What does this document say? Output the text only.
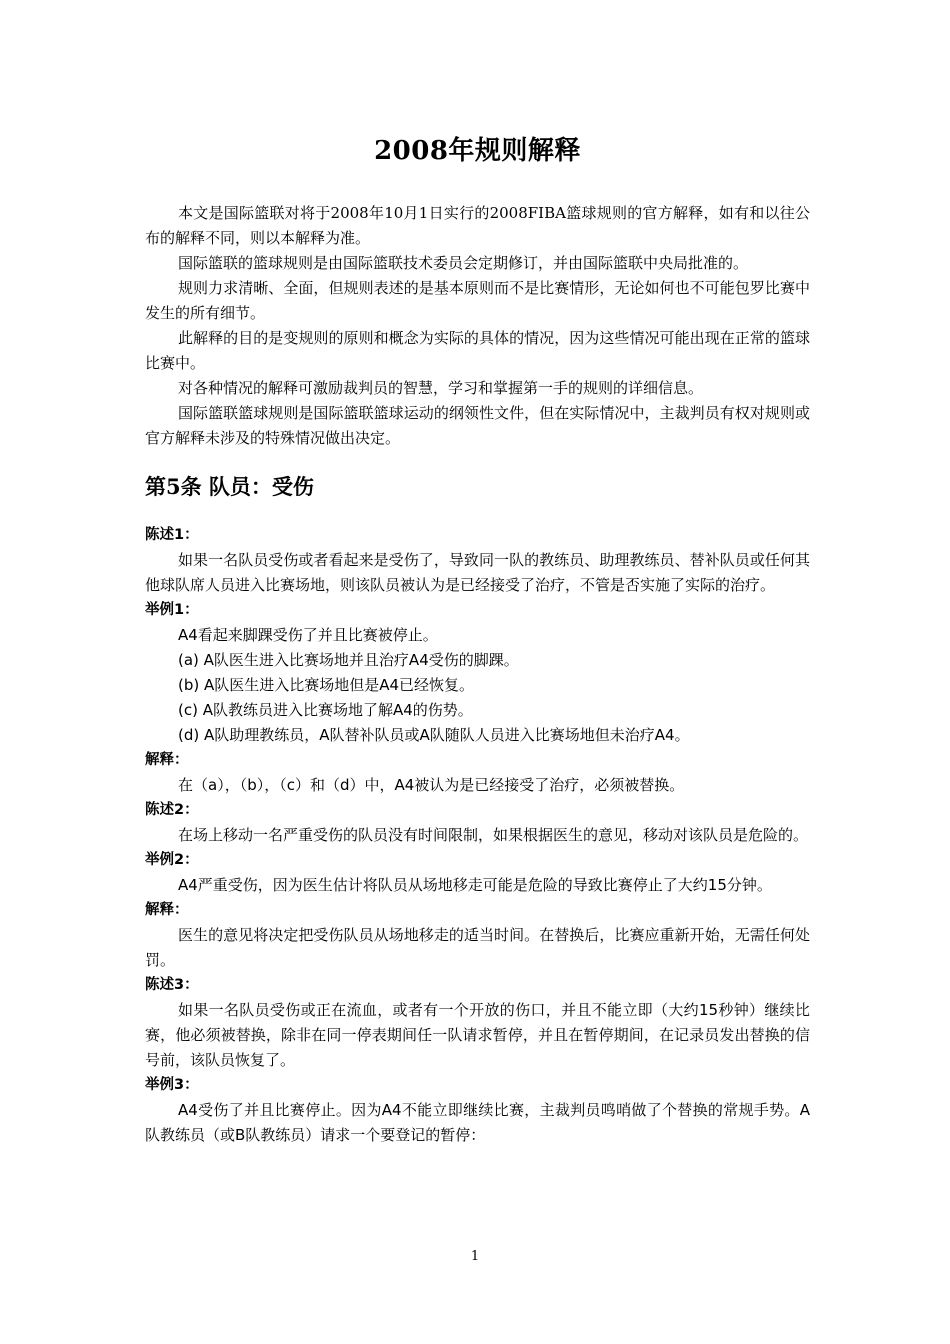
2008年规则解释

本文是国际篮联对将于2008年10月1日实行的2008FIBA篮球规则的官方解释，如有和以往公布的解释不同，则以本解释为准。

国际篮联的篮球规则是由国际篮联技术委员会定期修订，并由国际篮联中央局批准的。

规则力求清晰、全面，但规则表述的是基本原则而不是比赛情形，无论如何也不可能包罗比赛中发生的所有细节。

此解释的目的是变规则的原则和概念为实际的具体的情况，因为这些情况可能出现在正常的篮球比赛中。

对各种情况的解释可激励裁判员的智慧，学习和掌握第一手的规则的详细信息。

国际篮联篮球规则是国际篮联篮球运动的纲领性文件，但在实际情况中，主裁判员有权对规则或官方解释未涉及的特殊情况做出决定。

第5条 队员：受伤
陈述1：

如果一名队员受伤或者看起来是受伤了，导致同一队的教练员、助理教练员、替补队员或任何其他球队席人员进入比赛场地，则该队员被认为是已经接受了治疗，不管是否实施了实际的治疗。

举例1：

A4看起来脚踝受伤了并且比赛被停止。

(a) A队医生进入比赛场地并且治疗A4受伤的脚踝。

(b) A队医生进入比赛场地但是A4已经恢复。

(c) A队教练员进入比赛场地了解A4的伤势。

(d) A队助理教练员，A队替补队员或A队随队人员进入比赛场地但未治疗A4。

解释：

在（a），（b），（c）和（d）中，A4被认为是已经接受了治疗，必须被替换。

陈述2：

在场上移动一名严重受伤的队员没有时间限制，如果根据医生的意见，移动对该队员是危险的。

举例2：

A4严重受伤，因为医生估计将队员从场地移走可能是危险的导致比赛停止了大约15分钟。

解释：

医生的意见将决定把受伤队员从场地移走的适当时间。在替换后，比赛应重新开始，无需任何处罚。

陈述3：

如果一名队员受伤或正在流血，或者有一个开放的伤口，并且不能立即（大约15秒钟）继续比赛，他必须被替换，除非在同一停表期间任一队请求暂停，并且在暂停期间，在记录员发出替换的信号前，该队员恢复了。

举例3：

A4受伤了并且比赛停止。因为A4不能立即继续比赛，主裁判员鸣哨做了个替换的常规手势。A队教练员（或B队教练员）请求一个要登记的暂停：

1
